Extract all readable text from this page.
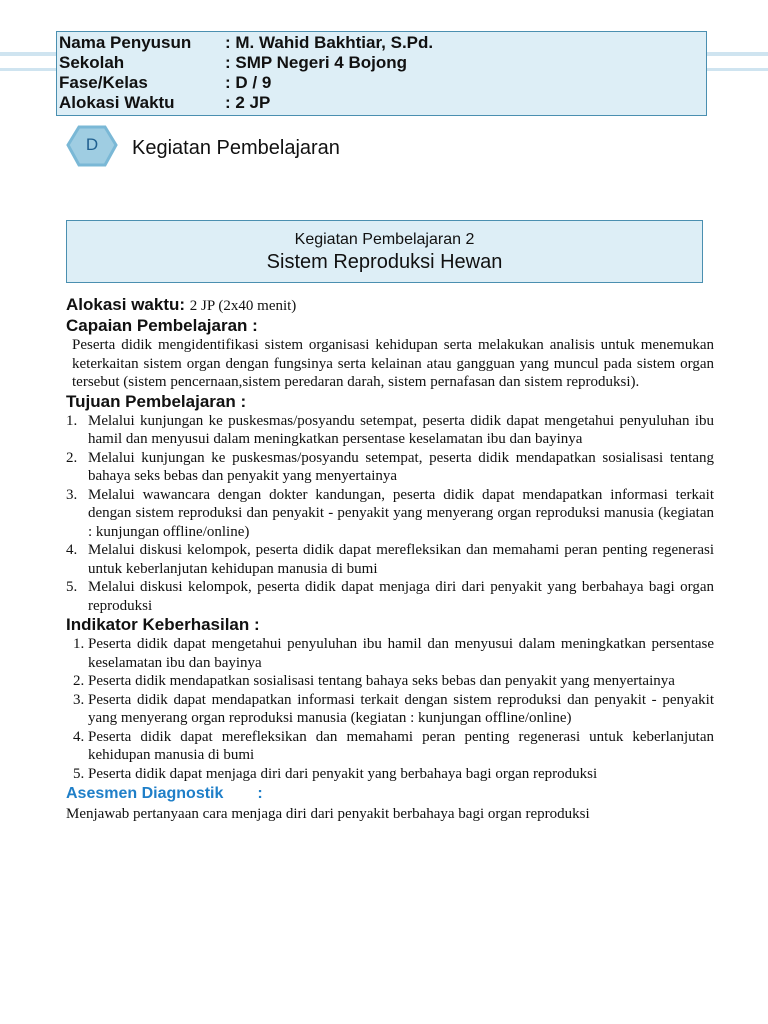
Nama Penyusun	: M. Wahid Bakhtiar, S.Pd.
Sekolah	: SMP Negeri 4 Bojong
Fase/Kelas	: D / 9
Alokasi Waktu	: 2 JP
D	Kegiatan Pembelajaran
Kegiatan Pembelajaran 2
Sistem Reproduksi Hewan
Alokasi waktu: 2 JP (2x40 menit)
Capaian Pembelajaran :
Peserta didik mengidentifikasi sistem organisasi kehidupan serta melakukan analisis untuk menemukan keterkaitan sistem organ dengan fungsinya serta kelainan atau gangguan yang muncul pada sistem organ tersebut (sistem pencernaan,sistem peredaran darah, sistem pernafasan dan sistem reproduksi).
Tujuan Pembelajaran :
1. Melalui kunjungan ke puskesmas/posyandu setempat, peserta didik dapat mengetahui penyuluhan ibu hamil dan menyusui dalam meningkatkan persentase keselamatan ibu dan bayinya
2. Melalui kunjungan ke puskesmas/posyandu setempat, peserta didik mendapatkan sosialisasi tentang bahaya seks bebas dan penyakit yang menyertainya
3. Melalui wawancara dengan dokter kandungan, peserta didik dapat mendapatkan informasi terkait dengan sistem reproduksi dan penyakit - penyakit yang menyerang organ reproduksi manusia (kegiatan : kunjungan offline/online)
4. Melalui diskusi kelompok, peserta didik dapat merefleksikan dan memahami peran penting regenerasi untuk keberlanjutan kehidupan manusia di bumi
5. Melalui diskusi kelompok, peserta didik dapat menjaga diri dari penyakit yang berbahaya bagi organ reproduksi
Indikator Keberhasilan :
1. Peserta didik dapat mengetahui penyuluhan ibu hamil dan menyusui dalam meningkatkan persentase keselamatan ibu dan bayinya
2. Peserta didik mendapatkan sosialisasi tentang bahaya seks bebas dan penyakit yang menyertainya
3. Peserta didik dapat mendapatkan informasi terkait dengan sistem reproduksi dan penyakit - penyakit yang menyerang organ reproduksi manusia (kegiatan : kunjungan offline/online)
4. Peserta didik dapat merefleksikan dan memahami peran penting regenerasi untuk keberlanjutan kehidupan manusia di bumi
5. Peserta didik dapat menjaga diri dari penyakit yang berbahaya bagi organ reproduksi
Asesmen Diagnostik :
Menjawab pertanyaan cara menjaga diri dari penyakit berbahaya bagi organ reproduksi
